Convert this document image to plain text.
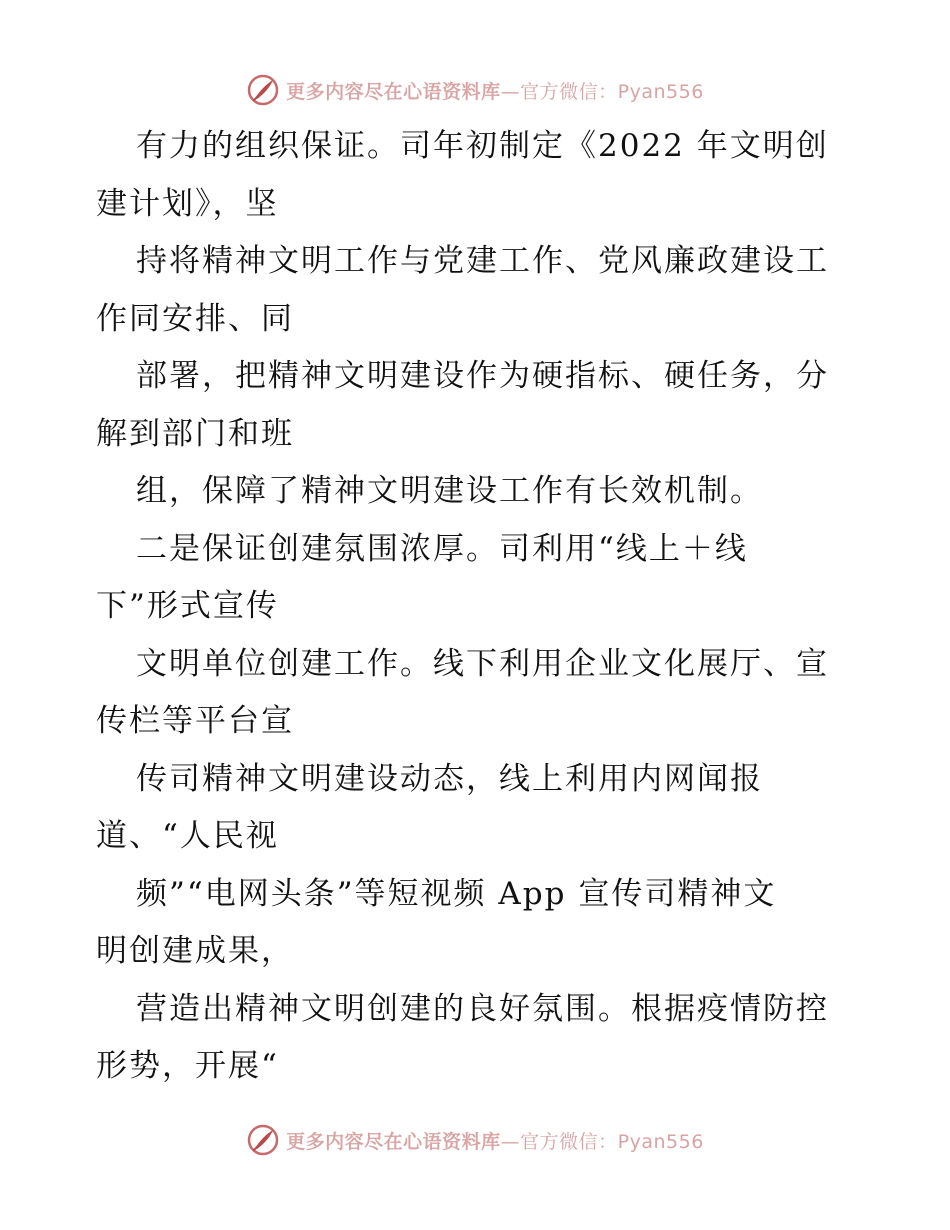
更多内容尽在心语资料库—官方微信：Pyan556
有力的组织保证。司年初制定《2022 年文明创
建计划》，坚
持将精神文明工作与党建工作、党风廉政建设工
作同安排、同
部署，把精神文明建设作为硬指标、硬任务，分
解到部门和班
组，保障了精神文明建设工作有长效机制。
二是保证创建氛围浓厚。司利用“线上＋线
下”形式宣传
文明单位创建工作。线下利用企业文化展厅、宣
传栏等平台宣
传司精神文明建设动态，线上利用内网闻报
道、“人民视
频”“电网头条”等短视频 App 宣传司精神文
明创建成果，
营造出精神文明创建的良好氛围。根据疫情防控
形势，开展“
更多内容尽在心语资料库—官方微信：Pyan556
